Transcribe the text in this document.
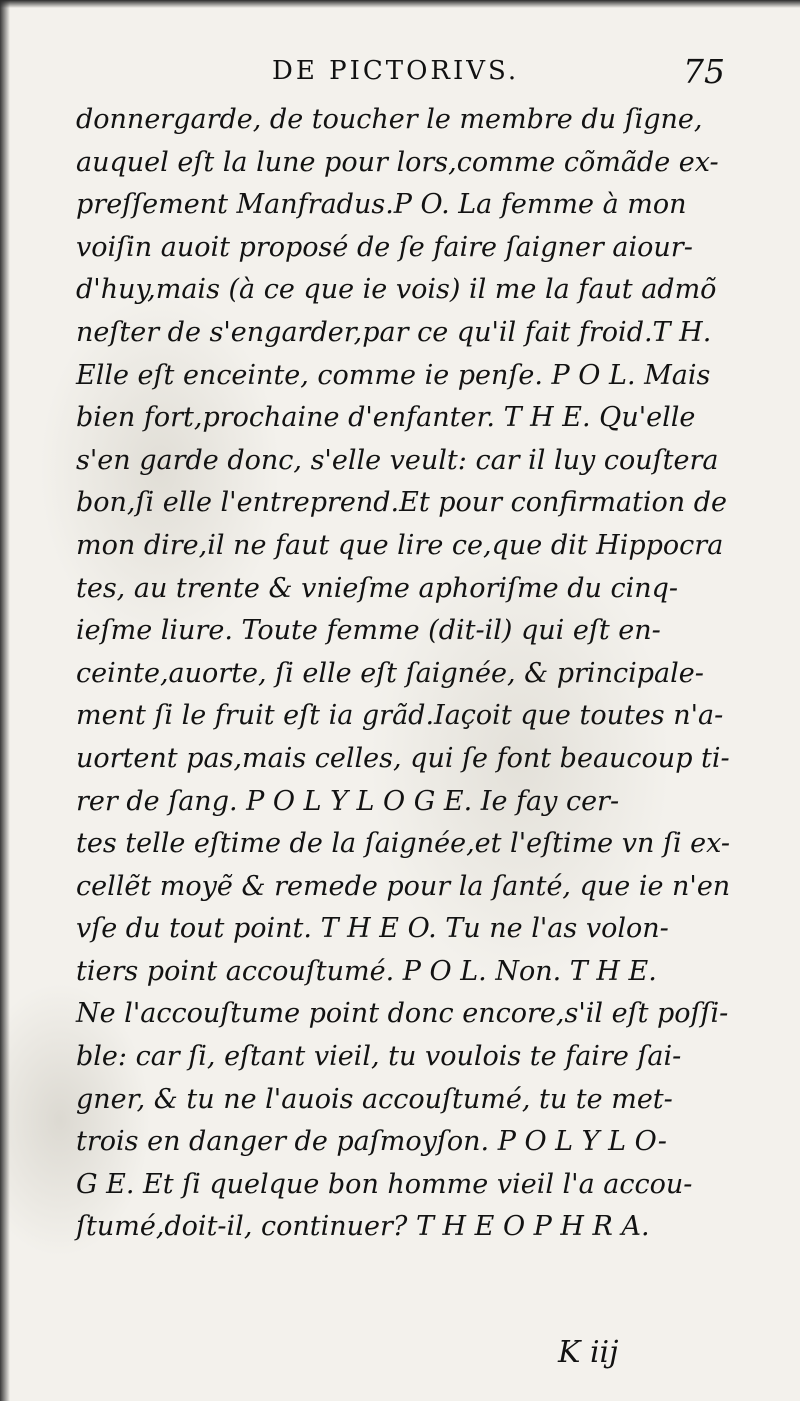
DE PICTORIVS.	75
donnergarde, de toucher le membre du ſigne,
auquel eſt la lune pour lors,comme cõmãde ex-
preſſement Manfradus.P O. La femme à mon
voiſin auoit proposé de ſe faire ſaigner aiour-
d'huy,mais (à ce que ie vois) il me la faut admõ
neſter de s'engarder,par ce qu'il fait froid.T H.
Elle eſt enceinte, comme ie penſe. P O L. Mais
bien fort,prochaine d'enfanter. T H E. Qu'elle
s'en garde donc, s'elle veult: car il luy couſtera
bon,ſi elle l'entreprend.Et pour confirmation de
mon dire,il ne faut que lire ce,que dit Hippocra
tes, au trente & vnieſme aphoriſme du cinq-
ieſme liure. Toute femme (dit-il) qui eſt en-
ceinte,auorte, ſi elle eſt ſaignée, & principale-
ment ſi le fruit eſt ia grãd.Iaçoit que toutes n'a-
uortent pas,mais celles, qui ſe font beaucoup ti-
rer de ſang. P O L Y L O G E. Ie fay cer-
tes telle eſtime de la ſaignée,et l'eſtime vn ſi ex-
cellẽt moyẽ & remede pour la ſanté, que ie n'en
vſe du tout point. T H E O. Tu ne l'as volon-
tiers point accouſtumé. P O L. Non. T H E.
Ne l'accouſtume point donc encore,s'il eſt poſſi-
ble: car ſi, eſtant vieil, tu voulois te faire ſai-
gner, & tu ne l'auois accouſtumé, tu te met-
trois en danger de paſmoyſon. P O L Y L O-
G E. Et ſi quelque bon homme vieil l'a accou-
ſtumé,doit-il, continuer? T H E O P H R A.
K iij
